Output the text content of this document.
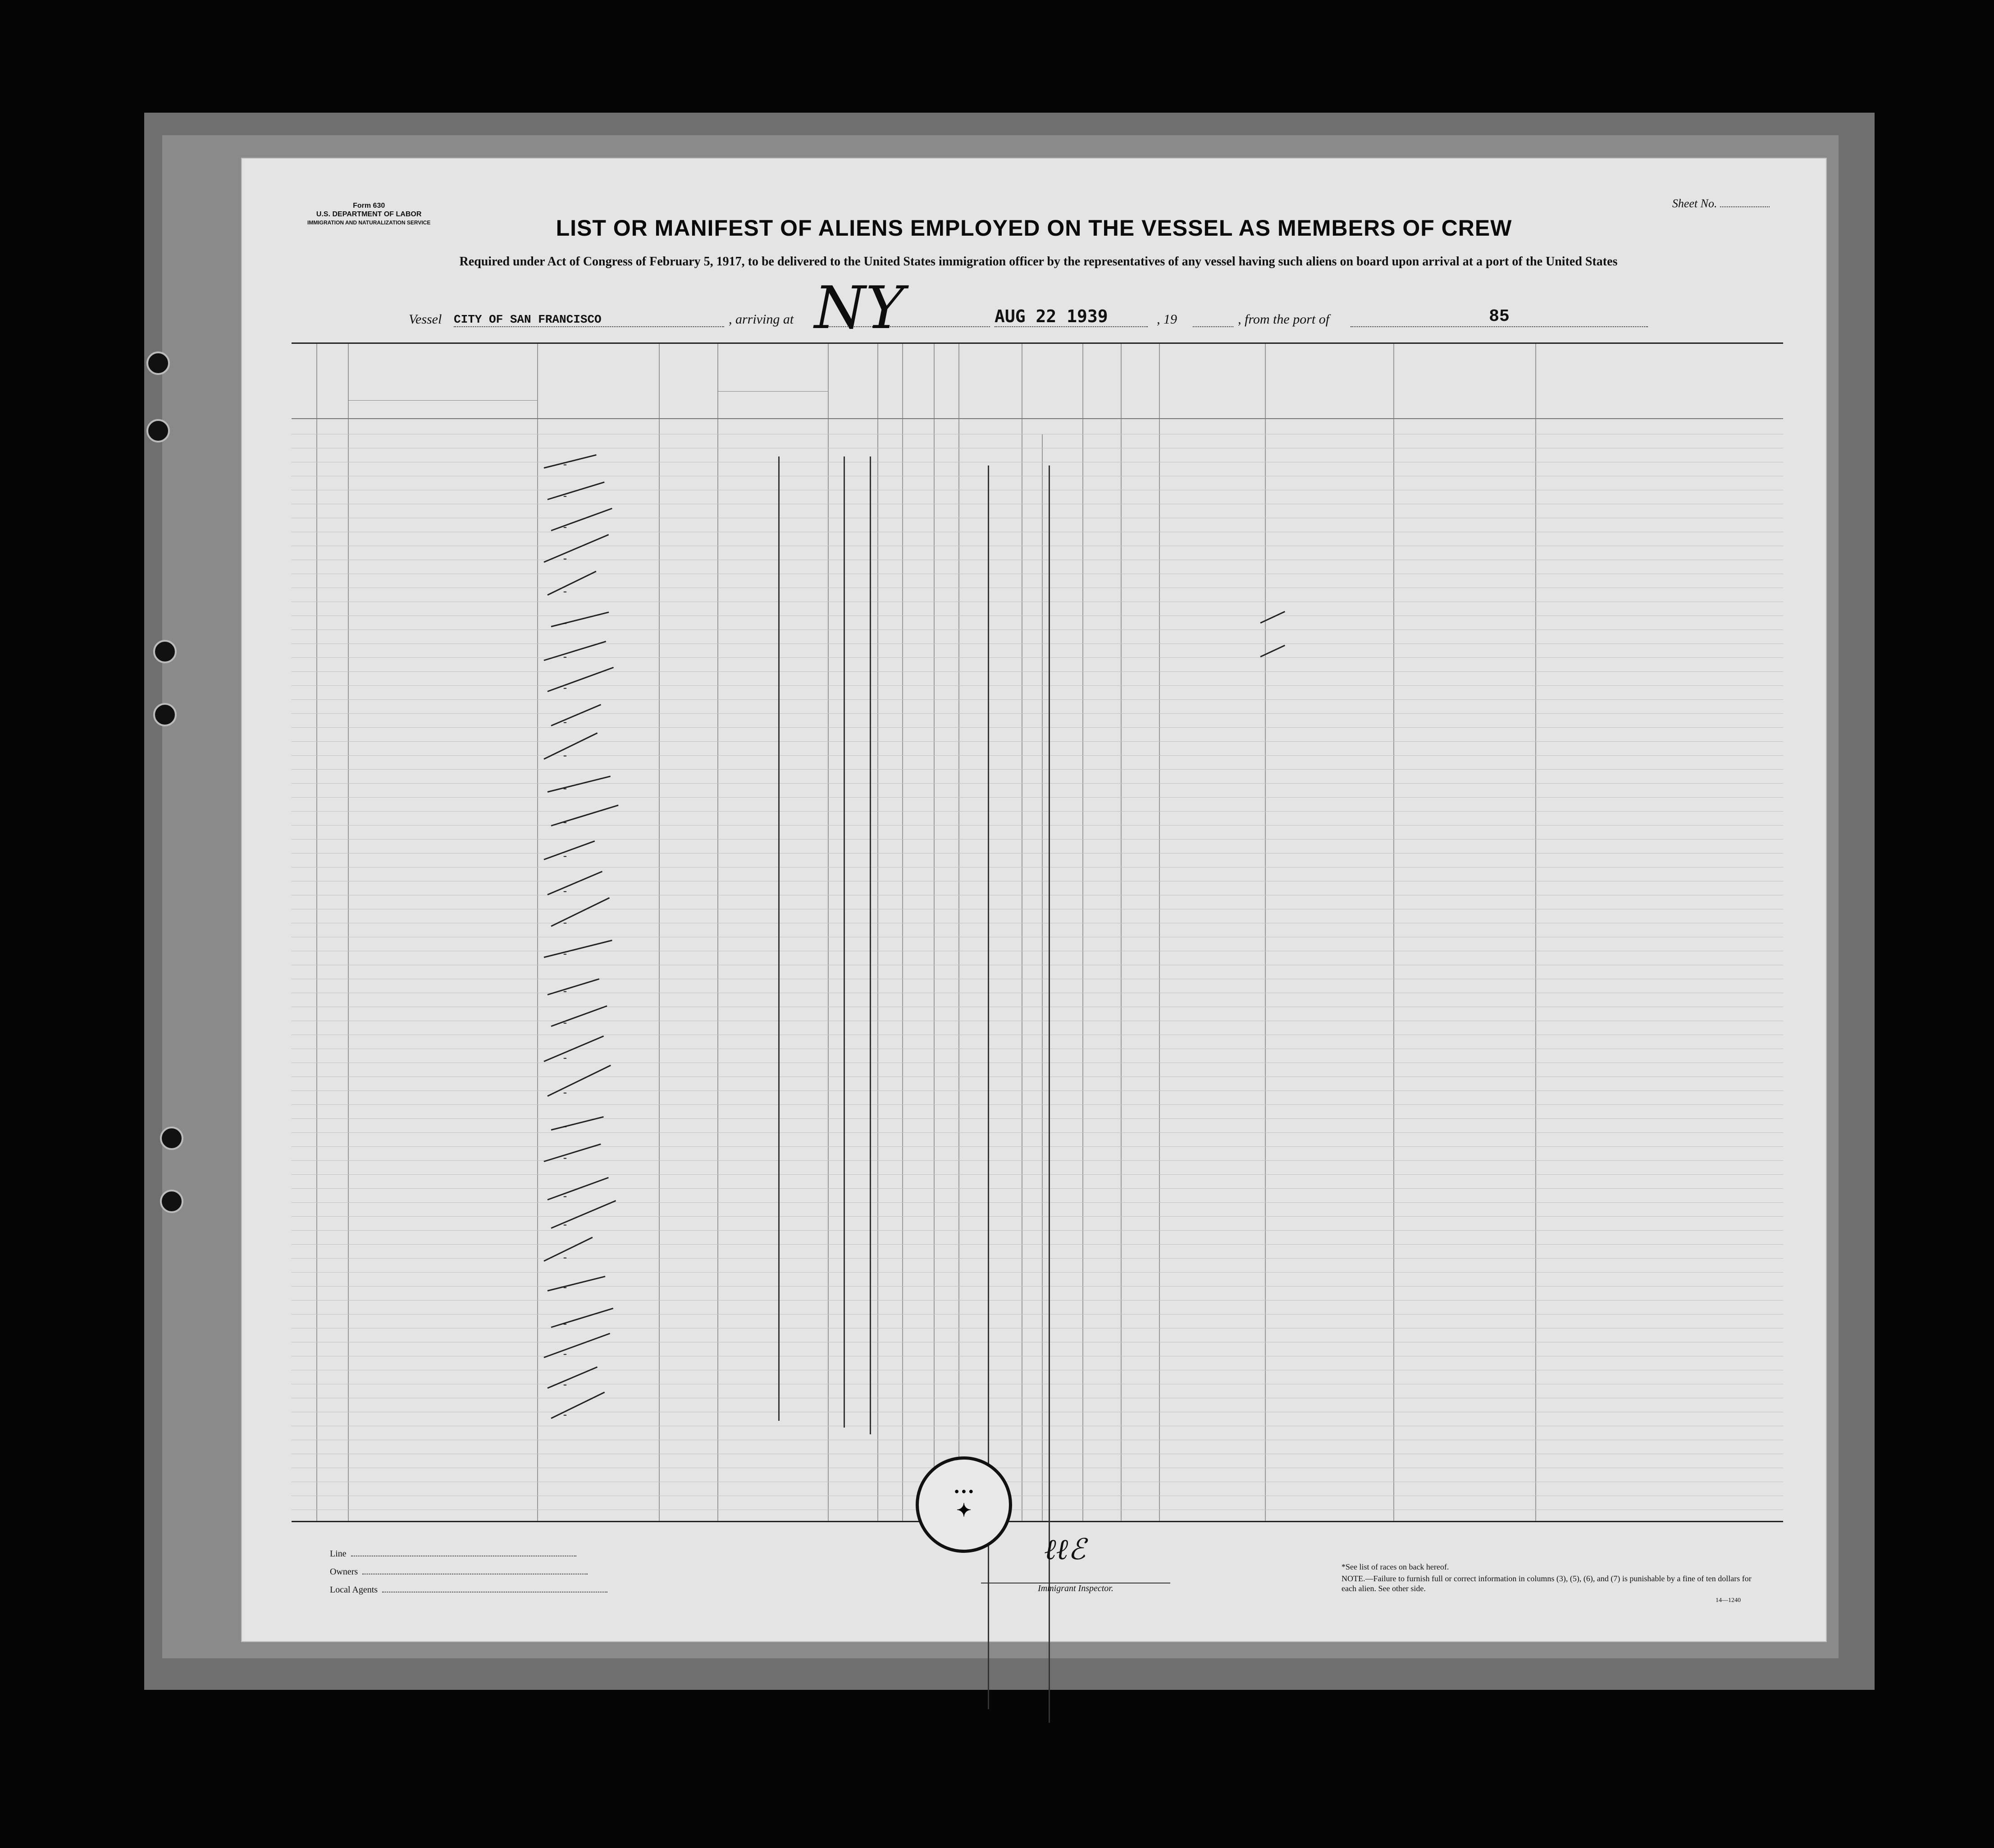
Form 630
U.S. DEPARTMENT OF LABOR
IMMIGRATION AND NATURALIZATION SERVICE
Sheet No.
LIST OR MANIFEST OF ALIENS EMPLOYED ON THE VESSEL AS MEMBERS OF CREW
Required under Act of Congress of February 5, 1917, to be delivered to the United States immigration officer by the representatives of any vessel having such aliens on board upon arrival at a port of the United States
Vessel CITY OF SAN FRANCISCO	, arriving at NY	AUG 22 1939	, 19	, from the port of	85
-
-
-
-
-
-
-
-
-
-
-
-
-
-
-
-
-
-
-
-
-
-
-
-
-
-
-
-
-
-
● ● ●
✦
ℓℓℰ
Line
Owners
Local Agents	Immigrant Inspector.
*See list of races on back hereof.
NOTE.—Failure to furnish full or correct information in columns (3), (5), (6), and (7) is punishable by a fine of ten dollars for each alien. See other side.
14—1240
